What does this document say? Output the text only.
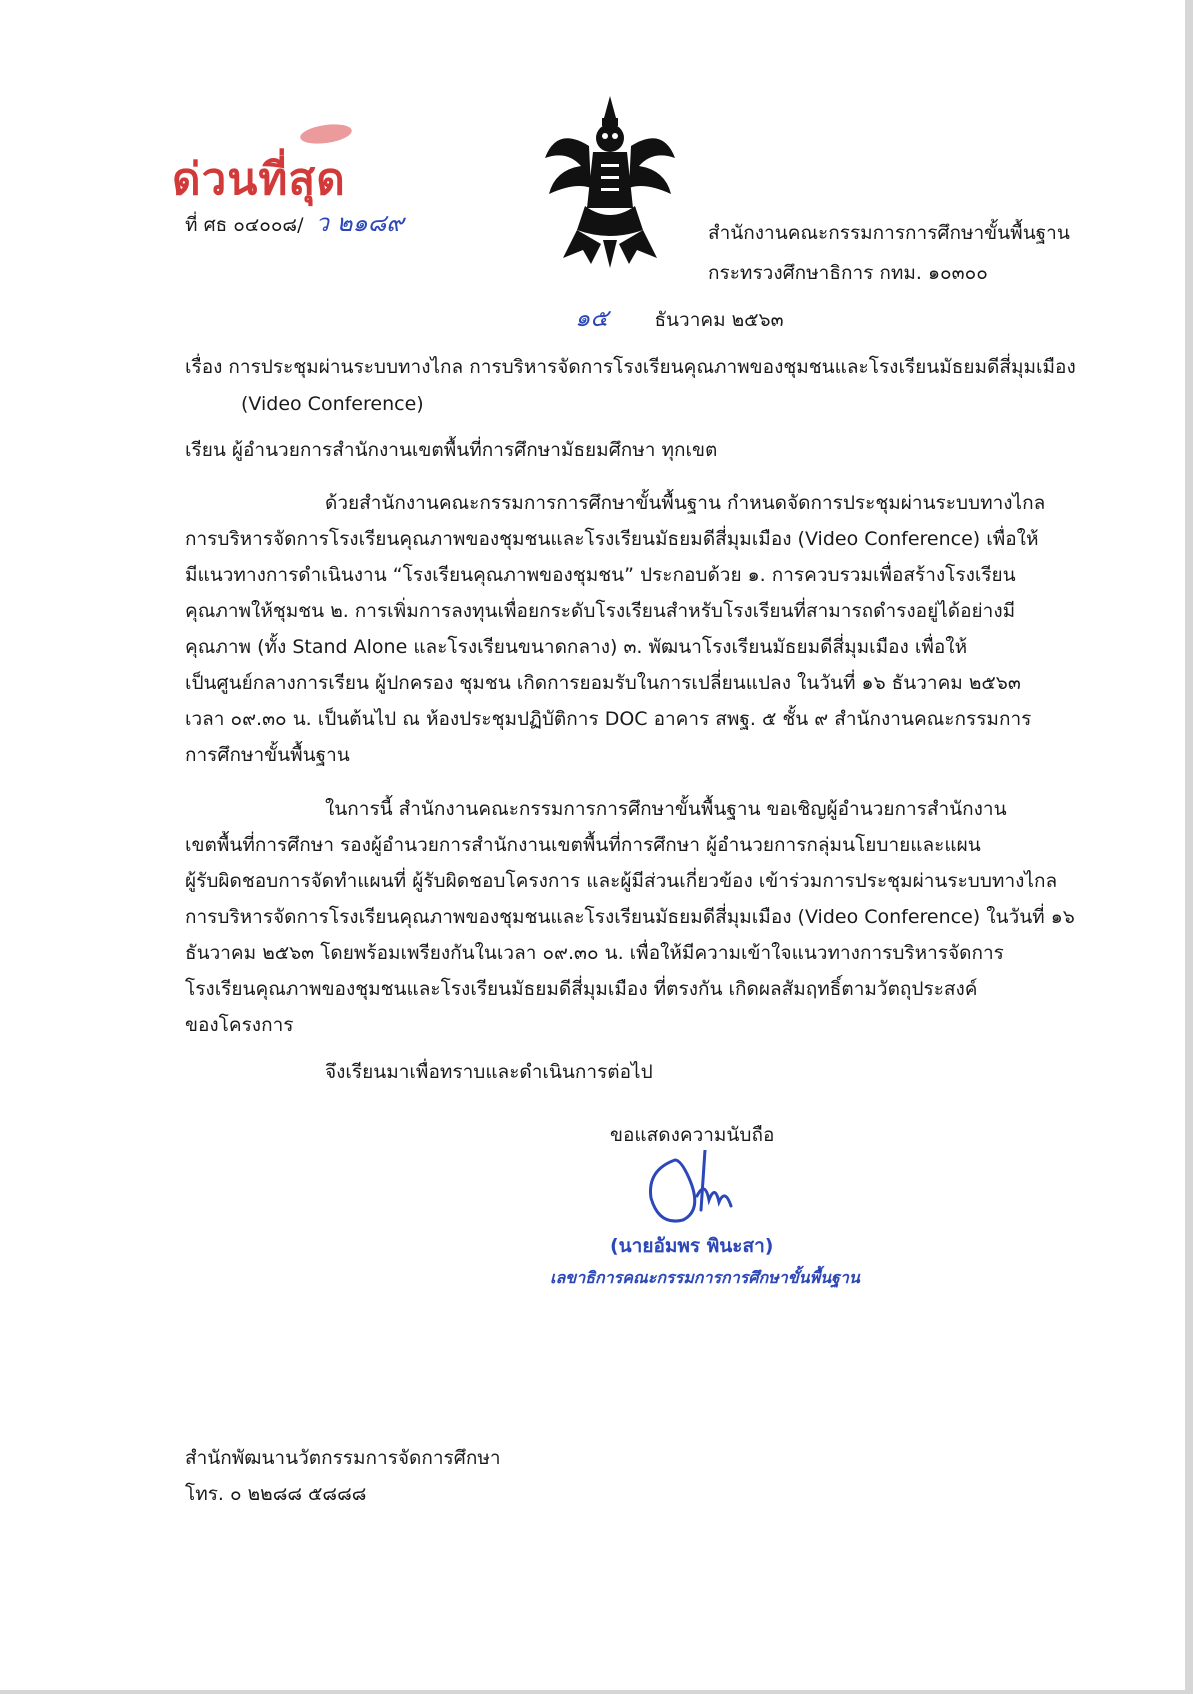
ด่วนที่สุด
ที่ ศธ ๐๔๐๐๘/ ว ๒๑๘๙	สำนักงานคณะกรรมการการศึกษาขั้นพื้นฐาน
กระทรวงศึกษาธิการ กทม. ๑๐๓๐๐
๑๕ ธันวาคม ๒๕๖๓
เรื่อง การประชุมผ่านระบบทางไกล การบริหารจัดการโรงเรียนคุณภาพของชุมชนและโรงเรียนมัธยมดีสี่มุมเมือง
(Video Conference)
เรียน ผู้อำนวยการสำนักงานเขตพื้นที่การศึกษามัธยมศึกษา ทุกเขต
ด้วยสำนักงานคณะกรรมการการศึกษาขั้นพื้นฐาน กำหนดจัดการประชุมผ่านระบบทางไกล
การบริหารจัดการโรงเรียนคุณภาพของชุมชนและโรงเรียนมัธยมดีสี่มุมเมือง (Video Conference) เพื่อให้
มีแนวทางการดำเนินงาน “โรงเรียนคุณภาพของชุมชน” ประกอบด้วย ๑. การควบรวมเพื่อสร้างโรงเรียน
คุณภาพให้ชุมชน ๒. การเพิ่มการลงทุนเพื่อยกระดับโรงเรียนสำหรับโรงเรียนที่สามารถดำรงอยู่ได้อย่างมี
คุณภาพ (ทั้ง Stand Alone และโรงเรียนขนาดกลาง) ๓. พัฒนาโรงเรียนมัธยมดีสี่มุมเมือง เพื่อให้
เป็นศูนย์กลางการเรียน ผู้ปกครอง ชุมชน เกิดการยอมรับในการเปลี่ยนแปลง ในวันที่ ๑๖ ธันวาคม ๒๕๖๓
เวลา ๐๙.๓๐ น. เป็นต้นไป ณ ห้องประชุมปฏิบัติการ DOC อาคาร สพฐ. ๕ ชั้น ๙ สำนักงานคณะกรรมการ
การศึกษาขั้นพื้นฐาน
ในการนี้ สำนักงานคณะกรรมการการศึกษาขั้นพื้นฐาน ขอเชิญผู้อำนวยการสำนักงาน
เขตพื้นที่การศึกษา รองผู้อำนวยการสำนักงานเขตพื้นที่การศึกษา ผู้อำนวยการกลุ่มนโยบายและแผน
ผู้รับผิดชอบการจัดทำแผนที่ ผู้รับผิดชอบโครงการ และผู้มีส่วนเกี่ยวข้อง เข้าร่วมการประชุมผ่านระบบทางไกล
การบริหารจัดการโรงเรียนคุณภาพของชุมชนและโรงเรียนมัธยมดีสี่มุมเมือง (Video Conference) ในวันที่ ๑๖
ธันวาคม ๒๕๖๓ โดยพร้อมเพรียงกันในเวลา ๐๙.๓๐ น. เพื่อให้มีความเข้าใจแนวทางการบริหารจัดการ
โรงเรียนคุณภาพของชุมชนและโรงเรียนมัธยมดีสี่มุมเมือง ที่ตรงกัน เกิดผลสัมฤทธิ์ตามวัตถุประสงค์
ของโครงการ
จึงเรียนมาเพื่อทราบและดำเนินการต่อไป
ขอแสดงความนับถือ
(นายอัมพร พินะสา)
เลขาธิการคณะกรรมการการศึกษาขั้นพื้นฐาน
สำนักพัฒนานวัตกรรมการจัดการศึกษา
โทร. ๐ ๒๒๘๘ ๕๘๘๘
